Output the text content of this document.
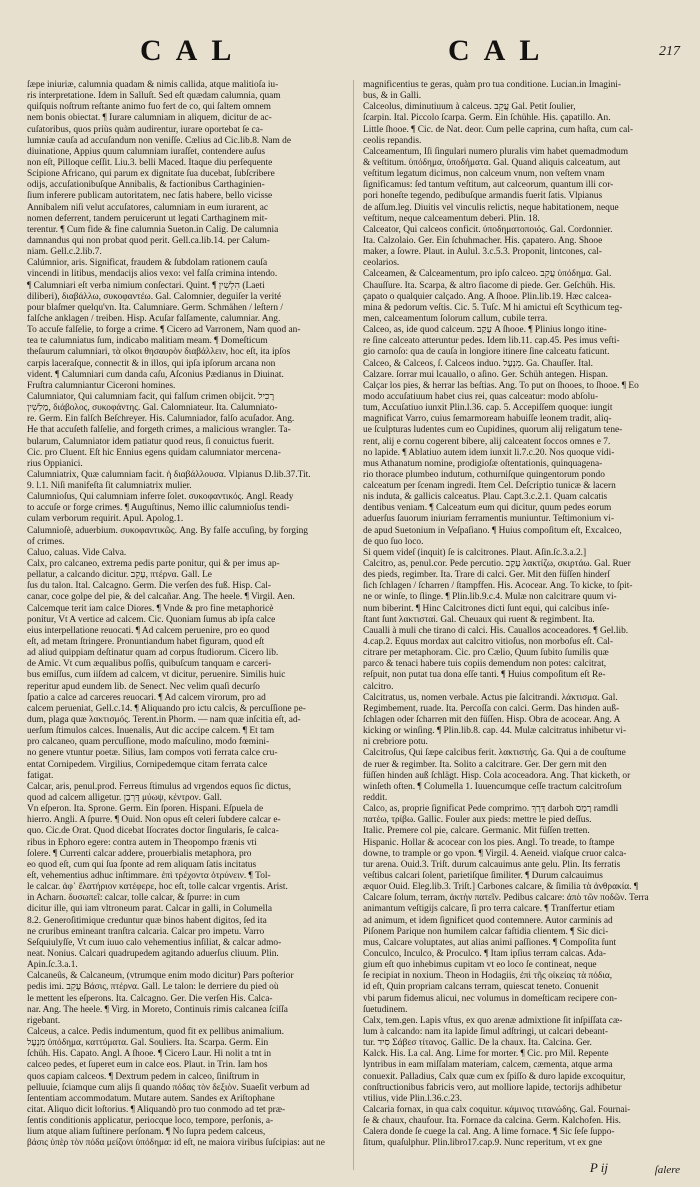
CAL	CAL	217
ſæpe iniuriæ, calumnia quadam & nimis callida, atque malitioſa iu-
ris interpretatione. Idem in Salluſt. Sed eſt quædam calumnia, quam
quiſquis noſtrum reſtante animo fuo fert de co, qui ſaltem omnem
nem bonis obiectat. ¶ Iurare calumniam in aliquem, dicitur de ac-
cuſatoribus, quos priùs quàm audirentur, iurare oportebat ſe ca-
lumniæ cauſa ad accuſandum non veniſſe. Cælius ad Cic.lib.8. Nam de
diuinatione, Appius quum calumniam iuraſſet, contendere auſus
non eſt, Pilloque ceſſit. Liu.3. belli Maced. Itaque diu perſequente
Scipione Africano, qui parum ex dignitate ſua ducebat, ſubſcribere
odijs, accuſationibuſque Annibalis, & factionibus Carthaginien-
ſium inferere publicam autoritatem, nec ſatis habere, bello vicisse
Annibalem niſi velut accuſatores, calumniam in eum iurarent, ac
nomen deferrent, tandem peruicerunt ut legati Carthaginem mit-
terentur. ¶ Cum fide & fine calumnia Sueton.in Calig. De calumnia
damnandus qui non probat quod perit. Gell.ca.lib.14. per Calum-
niam. Gell.c.2.lib.7.
Calúmnior, aris. Significat, fraudem & ſubdolam rationem cauſa
vincendi in litibus, mendacijs alios vexo: vel falſa crimina intendo.
¶ Calumniari eſt verba nimium conſectari. Quint. ¶ הִלְשִׁין (Laeti
diliberi), διαβάλλω, συκοφαντέω. Gal. Calomnier, deguiſer la verité
pour blaſmer quelqu'vn. Ita. Calumniare. Germ. Schmähen / leſtern /
falſche anklagen / treiben. Hisp. Acuſar falſamente, calumniar. Ang.
To accuſe falſelie, to forge a crime. ¶ Cicero ad Varronem, Nam quod an-
tea te calumniatus ſum, indicabo malitiam meam. ¶ Domeſticum
theſaurum calumniari, τὰ οἴκοι θησαυρὸν διαβάλλειν, hoc eſt, ita ipſos
carpis laceraſque, connectit & in illos, qui ipſa ipſorum arcana non
vident. ¶ Calumniari cum danda caſu, Aſconius Pædianus in Diuinat.
Fruſtra calumniantur Ciceroni homines.
Calumniator, Qui calumniam facit, qui falſum crimen obijcit. רָכִיל
מַלְשִׁין, διάβολος, συκοφάντης. Gal. Calomniateur. Ita. Calumniato-
re. Germ. Ein falſch Beſchreyer. His. Calumniador, falſo acuſador. Ang.
He that accuſeth falſelie, and forgeth crimes, a malicious wrangler. Ta-
bularum, Calumniator idem patiatur quod reus, ſi conuictus fuerit.
Cic. pro Cluent. Eſt hic Ennius egens quidam calumniator mercena-
rius Oppianici.
Calumniatrix, Quæ calumniam facit. ἡ διαβάλλουσα. Vlpianus D.lib.37.Tit.
9. l.1. Niſi manifeſta ſit calumniatrix mulier.
Calumnioſus, Qui calumniam inferre ſolet. συκοφαντικός. Angl. Ready
to accuſe or forge crimes. ¶ Auguſtinus, Nemo illic calumnioſus tendi-
culam verborum requirit. Apul. Apolog.1.
Calumnioſè, aduerbium. συκοφαντικῶς. Ang. By falſe accuſing, by forging
of crimes.
Caluo, caluas. Vide Calva.
Calx, pro calcaneo, extrema pedis parte ponitur, qui & per imus ap-
pellatur, a calcando dicitur. עָקֵב, πτέρνα. Gall. Le
ſus du talon. Ital. Calcagno. Germ. Die verſen des fuß. Hisp. Cal-
canar, coce golpe del pie, & del calcañar. Ang. The heele. ¶ Virgil. Aen.
Calcemque terit iam calce Diores. ¶ Vnde & pro fine metaphoricè
ponitur, Vt A vertice ad calcem. Cic. Quoniam ſumus ab ipſa calce
eius interpellatione reuocati. ¶ Ad calcem peruenire, pro eo quod
eſt, ad metam ſtringere. Pronuntiandum habet figuram, quod eſt
ad aliud quippiam deſtinatur quam ad corpus ſtudiorum. Cicero lib.
de Amic. Vt cum æqualibus poſſis, quibuſcum tanquam e carceri-
bus emiſſus, cum iiſdem ad calcem, vt dicitur, peruenire. Similis huic
reperitur apud eundem lib. de Senect. Nec velim quaſi decurſo
ſpatio a calce ad carceres reuocari. ¶ Ad calcem virorum, pro ad
calcem perueniat, Gell.c.14. ¶ Aliquando pro ictu calcis, & percuſſione pe-
dum, plaga quæ λακτισμός. Terent.in Phorm. — nam quæ inſcitia eſt, ad-
uerſum ſtimulos calces. Inuenalis, Aut dic accipe calcem. ¶ Et tam
pro calcaneo, quam percuſſione, modo maſculino, modo fœmini-
no genere vtuntur poetæ. Silius, Iam compos voti ferrata calce cru-
entat Cornipedem. Virgilius, Cornipedemque citam ferrata calce
fatigat.
Calcar, aris, penul.prod. Ferreus ſtimulus ad vrgendos equos ſic dictus,
quod ad calcem alligetur. דָּרְבָן μύωψ, κέντρον. Gall.
Vn eſperon. Ita. Sprone. Germ. Ein ſporen. Hispani. Eſpuela de
hierro. Angli. A ſpurre. ¶ Ouid. Non opus eſt celeri ſubdere calcar e-
quo. Cic.de Orat. Quod dicebat Iſocrates doctor ſingularis, ſe calca-
ribus in Ephoro egere: contra autem in Theopompo frænis vti
ſolere. ¶ Currenti calcar addere, prouerbialis metaphora, pro
eo quod eſt, cum qui ſua ſponte ad rem aliquam ſatis incitatus
eſt, vehementius adhuc inſtimmare. ἐπὶ τρέχοντα ὀτρύνειν. ¶ Tol-
le calcar. ἀφ᾽ ἔλατήριον κατέφερε, hoc eſt, tolle calcar vrgentis. Arist.
in Acharn. δυσωπεῖ: calcar, tolle calcar, & ſpurre: in cum
dicitur ille, qui iam vltroneum parat. Calcar in galli, in Columella
8.2. Generoſitimique creduntur quæ binos habent digitos, ſed ita
ne cruribus emineant tranſtra calcaria. Calcar pro impetu. Varro
Seſquiulyſſe, Vt cum iuuo calo vehementius inſiliat, & calcar admo-
neat. Nonius. Calcari quadrupedem agitando aduerſus cliuum. Plin.
Apin.ſc.3.a.1.
Calcaneûs, & Calcaneum, (vtrumque enim modo dicitur) Pars poſterior
pedis imi. עָקֵב Βάσις, πτέρνα. Gall. Le talon: le derriere du pied où
le mettent les eſperons. Ita. Calcagno. Ger. Die verſen His. Calca-
nar. Ang. The heele. ¶ Virg. in Moreto, Continuis rimis calcanea ſciſſa
rigebant.
Calceus, a calce. Pedis indumentum, quod fit ex pellibus animalium.
מִנְעָל ὑπόδημα, καττύματα. Gal. Souliers. Ita. Scarpa. Germ. Ein
ſchüh. His. Capato. Angl. A ſhooe. ¶ Cicero Laur. Hi nolit a tnt in
calceo pedes, et ſuperet eum in calce eos. Plaut. in Trin. Iam hos
quos capiam calceos. ¶ Dextrum pedem in calceo, ſiniſtrum in
pelluuie, ſciamque cum alijs ſi quando πόδας τὸν δεξιὸν. Suaeſit verbum ad
ſententiam accommodatum. Mutare autem. Sandes ex Ariſtophane
citat. Aliquo dicit loſtorius. ¶ Aliquandò pro tuo conmodo ad tet præ-
ſentis conditionis applicatur, periocque loco, tempore, perſonis, a-
lium atque aliam ſuſtinere perſonam. ¶ No ſupra pedem calceus,
βάσις ὑπὲρ τὸν πόδα μείζονι ὑπόδημα: id eſt, ne maiora viribus ſuſcipias: aut ne
magnificentius te geras, quàm pro tua conditione. Lucian.in Imagini-
bus, & in Galli.
Calceolus, diminutiuum à calceus. עֲקֵב Gal. Petit ſoulier,
ſcarpin. Ital. Piccolo ſcarpa. Germ. Ein ſchühle. His. çapatillo. An.
Little ſhooe. ¶ Cic. de Nat. deor. Cum pelle caprina, cum haſta, cum cal-
ceolis repandis.
Calceamentum, Iſi ſingulari numero pluralis vim habet quemadmodum
& veſtitum. ὑπόδημα, ὑποδήματα. Gal. Quand aliquis calceatum, aut
veſtitum legatum dicimus, non calceum vnum, non veſtem vnam
ſignificamus: ſed tantum veſtitum, aut calceorum, quantum illi cor-
pori honeſte tegendo, pedibuſque armandis fuerit ſatis. Vlpianus
de aſſum.leg. Diuitis vel vinculis relictis, neque habitationem, neque
veſtitum, neque calceamentum deberi. Plin. 18.
Calceator, Qui calceos conficit. ὑποδηματοποιός. Gal. Cordonnier.
Ita. Calzolaio. Ger. Ein ſchuhmacher. His. çapatero. Ang. Shooe
maker, a ſowre. Plaut. in Aulul. 3.c.5.3. Proponit, lintcones, cal-
ceolarios.
Calceamen, & Calceamentum, pro ipſo calceo. עֲקֵב ὑπόδημα. Gal.
Chauſſure. Ita. Scarpa, & altro ſiacome di piede. Ger. Geſchüh. His.
çapato o qualquier calçado. Ang. A ſhooe. Plin.lib.19. Hæc calcea-
mina & pedorum veſtis. Cic. 5. Tuſc. M hi amictui eſt Scythicum teg-
men, calceamentum ſolorum callum, cubile terra.
Calceo, as, ide quod calceum. עָקַב A ſhooe. ¶ Plinius longo itine-
re ſine calceato atteruntur pedes. Idem lib.11. cap.45. Pes imus veſti-
gio carnoſo: qua de cauſa in longiore itinere ſine calceatu faticunt.
Calceo, & Calceos, ſ. Calceos induo. מִנְעָל. Ga. Chauſſer. Ital.
Calzare. ſorrar mui lcauallo, o aſino. Ger. Schüh antegen. Hispan.
Calçar los pies, & herrar las beſtias. Ang. To put on ſhooes, to ſhooe. ¶ Eo
modo accuſatiuum habet cius rei, quas calceatur: modo abſolu-
tum, Accuſatiuo iunxit Plin.l.36. cap. 5. Accepiſſem quoque: iungit
magnificat Varro, cuius ſemarmoream habuiſſe leonem tradit, aliq-
ue ſculpturas ludentes cum eo Cupidines, quorum alij religatum tene-
rent, alij e cornu cogerent bibere, alij calceatent ſoccos omnes e 7.
no lapide. ¶ Ablatiuo autem idem iunxit li.7.c.20. Nos quoque vidi-
mus Athanatum nomine, prodigioſæ oſtentationis, quinquagena-
rio thorace plumbeo indutum, cothurniſque quingentorum pondo
calceatum per ſcenam ingredi. Item Cel. Deſcriptio tunicæ & lacern
nis induta, & gallicis calceatus. Plau. Capt.3.c.2.1. Quam calcatis
dentibus veniam. ¶ Calceatum eum qui dicitur, quum pedes eorum
aduerſus ſauorum iniuriam ferramentis muniuntur. Teſtimonium vi-
de apud Suetonium in Veſpaſiano. ¶ Huius compoſitum eſt, Excalceo,
de quo ſuo loco.
Si quem videſ (inquit) ſe is calcitrones. Plaut. Aſin.ſc.3.a.2.]
Calcitro, as, penul.cor. Pede percutio. עָקַב λακτίζω, σκιρτάω. Gal. Ruer
des pieds, regimber. Ita. Trare di calci. Ger. Mit den füſſen hinderſ
ſich ſchlagen / ſcharren / ſtampffen. His. Acocear. Ang. To kicke, to ſpit-
ne or winſe, to ſlinge. ¶ Plin.lib.9.c.4. Mulæ non calcitrare quum vi-
num biberint. ¶ Hinc Calcitrones dicti ſunt equi, qui calcibus inſe-
ſtant ſunt λακτισταί. Gal. Cheuaux qui ruent & regimbent. Ita.
Caualli à muli che tirano di calci. His. Cauallos acoceadores. ¶ Gel.lib.
4.cap.2. Equus mordax aut calcitro vitioſus, non morboſus eſt. Cal-
citrare per metaphoram. Cic. pro Cælio, Quum ſubito ſumilis quæ
parco & tenaci habere tuis copiis demendum non potes: calcitrat,
reſpuit, non putat tua dona eſſe tanti. ¶ Huius compoſitum eſt Re-
calcitro.
Calcitratus, us, nomen verbale. Actus pie ſalcitrandi. λάκτισμα. Gal.
Regimbement, ruade. Ita. Percoſſa con calci. Germ. Das hinden auß-
ſchlagen oder ſcharren mit den füſſen. Hisp. Obra de acocear. Ang. A
kicking or winſing. ¶ Plin.lib.8. cap. 44. Mulæ calcitratus inhibetur vi-
ni crebriore potu.
Calcitroſus, Qui ſæpe calcibus ferit. λακτιστής. Ga. Qui a de couſtume
de ruer & regimber. Ita. Solito a calcitrare. Ger. Der gern mit den
füſſen hinden auß ſchlägt. Hisp. Cola acoceadora. Ang. That kicketh, or
winſeth often. ¶ Columella 1. Iuuencumque ceſſe tractum calcitroſum
reddit.
Calco, as, proprie ſignificat Pede comprimo. דָּרַךְ darboh רָמַס ramdli
πατέω, τρίβω. Gallic. Fouler aux pieds: mettre le pied deſſus.
Italic. Premere col pie, calcare. Germanic. Mit füſſen tretten.
Hispanic. Hollar & acocear con los pies. Angl. To treade, to ſtampe
downe, to trample or go vpon. ¶ Virgil. 4. Aeneid. viaſque cruor calca-
tur arena. Ouid.3. Triſt. durum calcauimus ante gelu. Plin. Its ferratis
veſtibus calcari ſolent, parietiſque ſimiliter. ¶ Durum calcauimus
æquor Ouid. Eleg.lib.3. Triſt.] Carbones calcare, & ſimilia τὰ ἀνθρακία. ¶
Calcare ſolum, terram, ἀκτὴν πατεῖν. Pedibus calcare: ἀπὸ τῶν ποδῶν. Terra
animantum veſtigijs calcare, ſi pro terra calcare. ¶ Tranſfertur etiam
ad animum, et idem ſignificet quod contemnere. Autor carminis ad
Piſonem Parique non humilem calcar faſtidia clientem. ¶ Sic dici-
mus, Calcare voluptates, aut alias animi paſſiones. ¶ Compoſita ſunt
Conculco, Inculco, & Proculco. ¶ Itam ipſius terram calcas. Ada-
gium eſt quo inhebimus cupitam vt eo loco ſe contineat, neque
ſe recipiat in noxium. Theon in Hodagiis, ἐπὶ τῆς οἰκείας τὰ πόδια,
id eſt, Quin propriam calcans terram, quiescat teneto. Conuenit
vbi parum fidemus alicui, nec volumus in domeſticam recipere con-
ſuetudinem.
Calx, tem.gen. Lapis vſtus, ex quo arenæ admixtione ſit inſpiſſata cæ-
lum à calcando: nam ita lapide ſimul adſtringi, ut calcari debeant-
tur. סִיד Σάβεσ τίτανος. Gallic. De la chaux. Ita. Calcina. Ger.
Kalck. His. La cal. Ang. Lime for morter. ¶ Cic. pro Mil. Repente
lyntribus in eam miſſalam materiam, calcem, cæmenta, atque arma
conuexit. Palladius, Calx quæ cum ex ſpiſſo & duro lapide excoquitur,
conſtructionibus fabricis vero, aut molliore lapide, tectorijs adhibetur
vtilius, vide Plin.l.36.c.23.
Calcaria fornax, in qua calx coquitur. κάμινος τιτανώδης. Gal. Fournai-
ſe & chaux, chaufour. Ita. Fornace da calcina. Germ. Kalchofen. His.
Calera donde ſe cuege la cal. Ang. A lime fornace. ¶ Sic ſeſe ſuppo-
ſitum, quaſulphur. Plin.libro17.cap.9. Nunc reperitum, vt ex gne
P ij	ſalere
